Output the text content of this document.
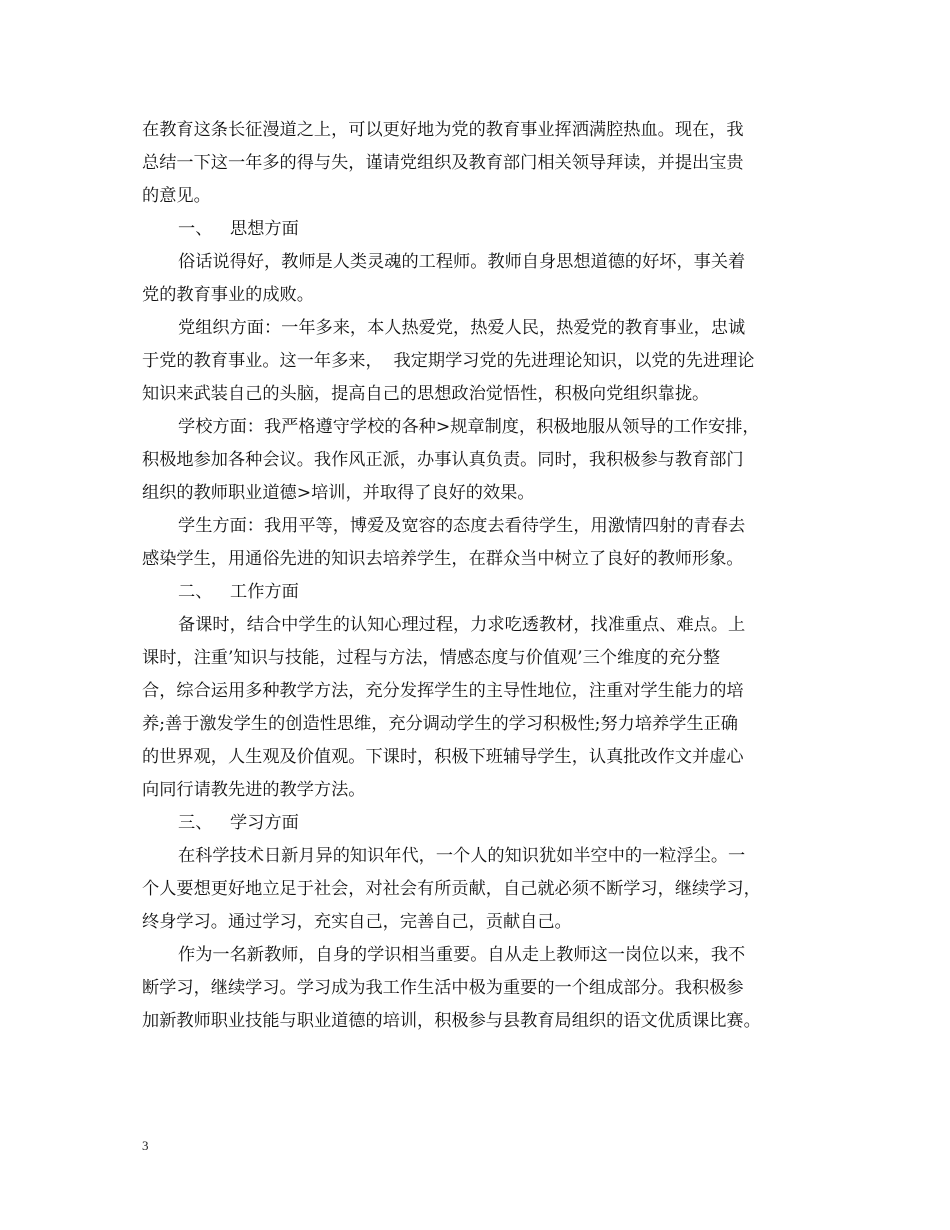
在教育这条长征漫道之上，可以更好地为党的教育事业挥洒满腔热血。现在，我
总结一下这一年多的得与失，谨请党组织及教育部门相关领导拜读，并提出宝贵
的意见。
一、 思想方面
俗话说得好，教师是人类灵魂的工程师。教师自身思想道德的好坏，事关着
党的教育事业的成败。
党组织方面：一年多来，本人热爱党，热爱人民，热爱党的教育事业，忠诚
于党的教育事业。这一年多来，  我定期学习党的先进理论知识，以党的先进理论
知识来武装自己的头脑，提高自己的思想政治觉悟性，积极向党组织靠拢。
学校方面：我严格遵守学校的各种>规章制度，积极地服从领导的工作安排，
积极地参加各种会议。我作风正派，办事认真负责。同时，我积极参与教育部门
组织的教师职业道德>培训，并取得了良好的效果。
学生方面：我用平等，博爱及宽容的态度去看待学生，用激情四射的青春去
感染学生，用通俗先进的知识去培养学生，在群众当中树立了良好的教师形象。
二、 工作方面
备课时，结合中学生的认知心理过程，力求吃透教材，找准重点、难点。上
课时，注重’知识与技能，过程与方法，情感态度与价值观’三个维度的充分整
合，综合运用多种教学方法，充分发挥学生的主导性地位，注重对学生能力的培
养;善于激发学生的创造性思维，充分调动学生的学习积极性;努力培养学生正确
的世界观，人生观及价值观。下课时，积极下班辅导学生，认真批改作文并虚心
向同行请教先进的教学方法。
三、 学习方面
在科学技术日新月异的知识年代，一个人的知识犹如半空中的一粒浮尘。一
个人要想更好地立足于社会，对社会有所贡献，自己就必须不断学习，继续学习，
终身学习。通过学习，充实自己，完善自己，贡献自己。
作为一名新教师，自身的学识相当重要。自从走上教师这一岗位以来，我不
断学习，继续学习。学习成为我工作生活中极为重要的一个组成部分。我积极参
加新教师职业技能与职业道德的培训，积极参与县教育局组织的语文优质课比赛。
3
